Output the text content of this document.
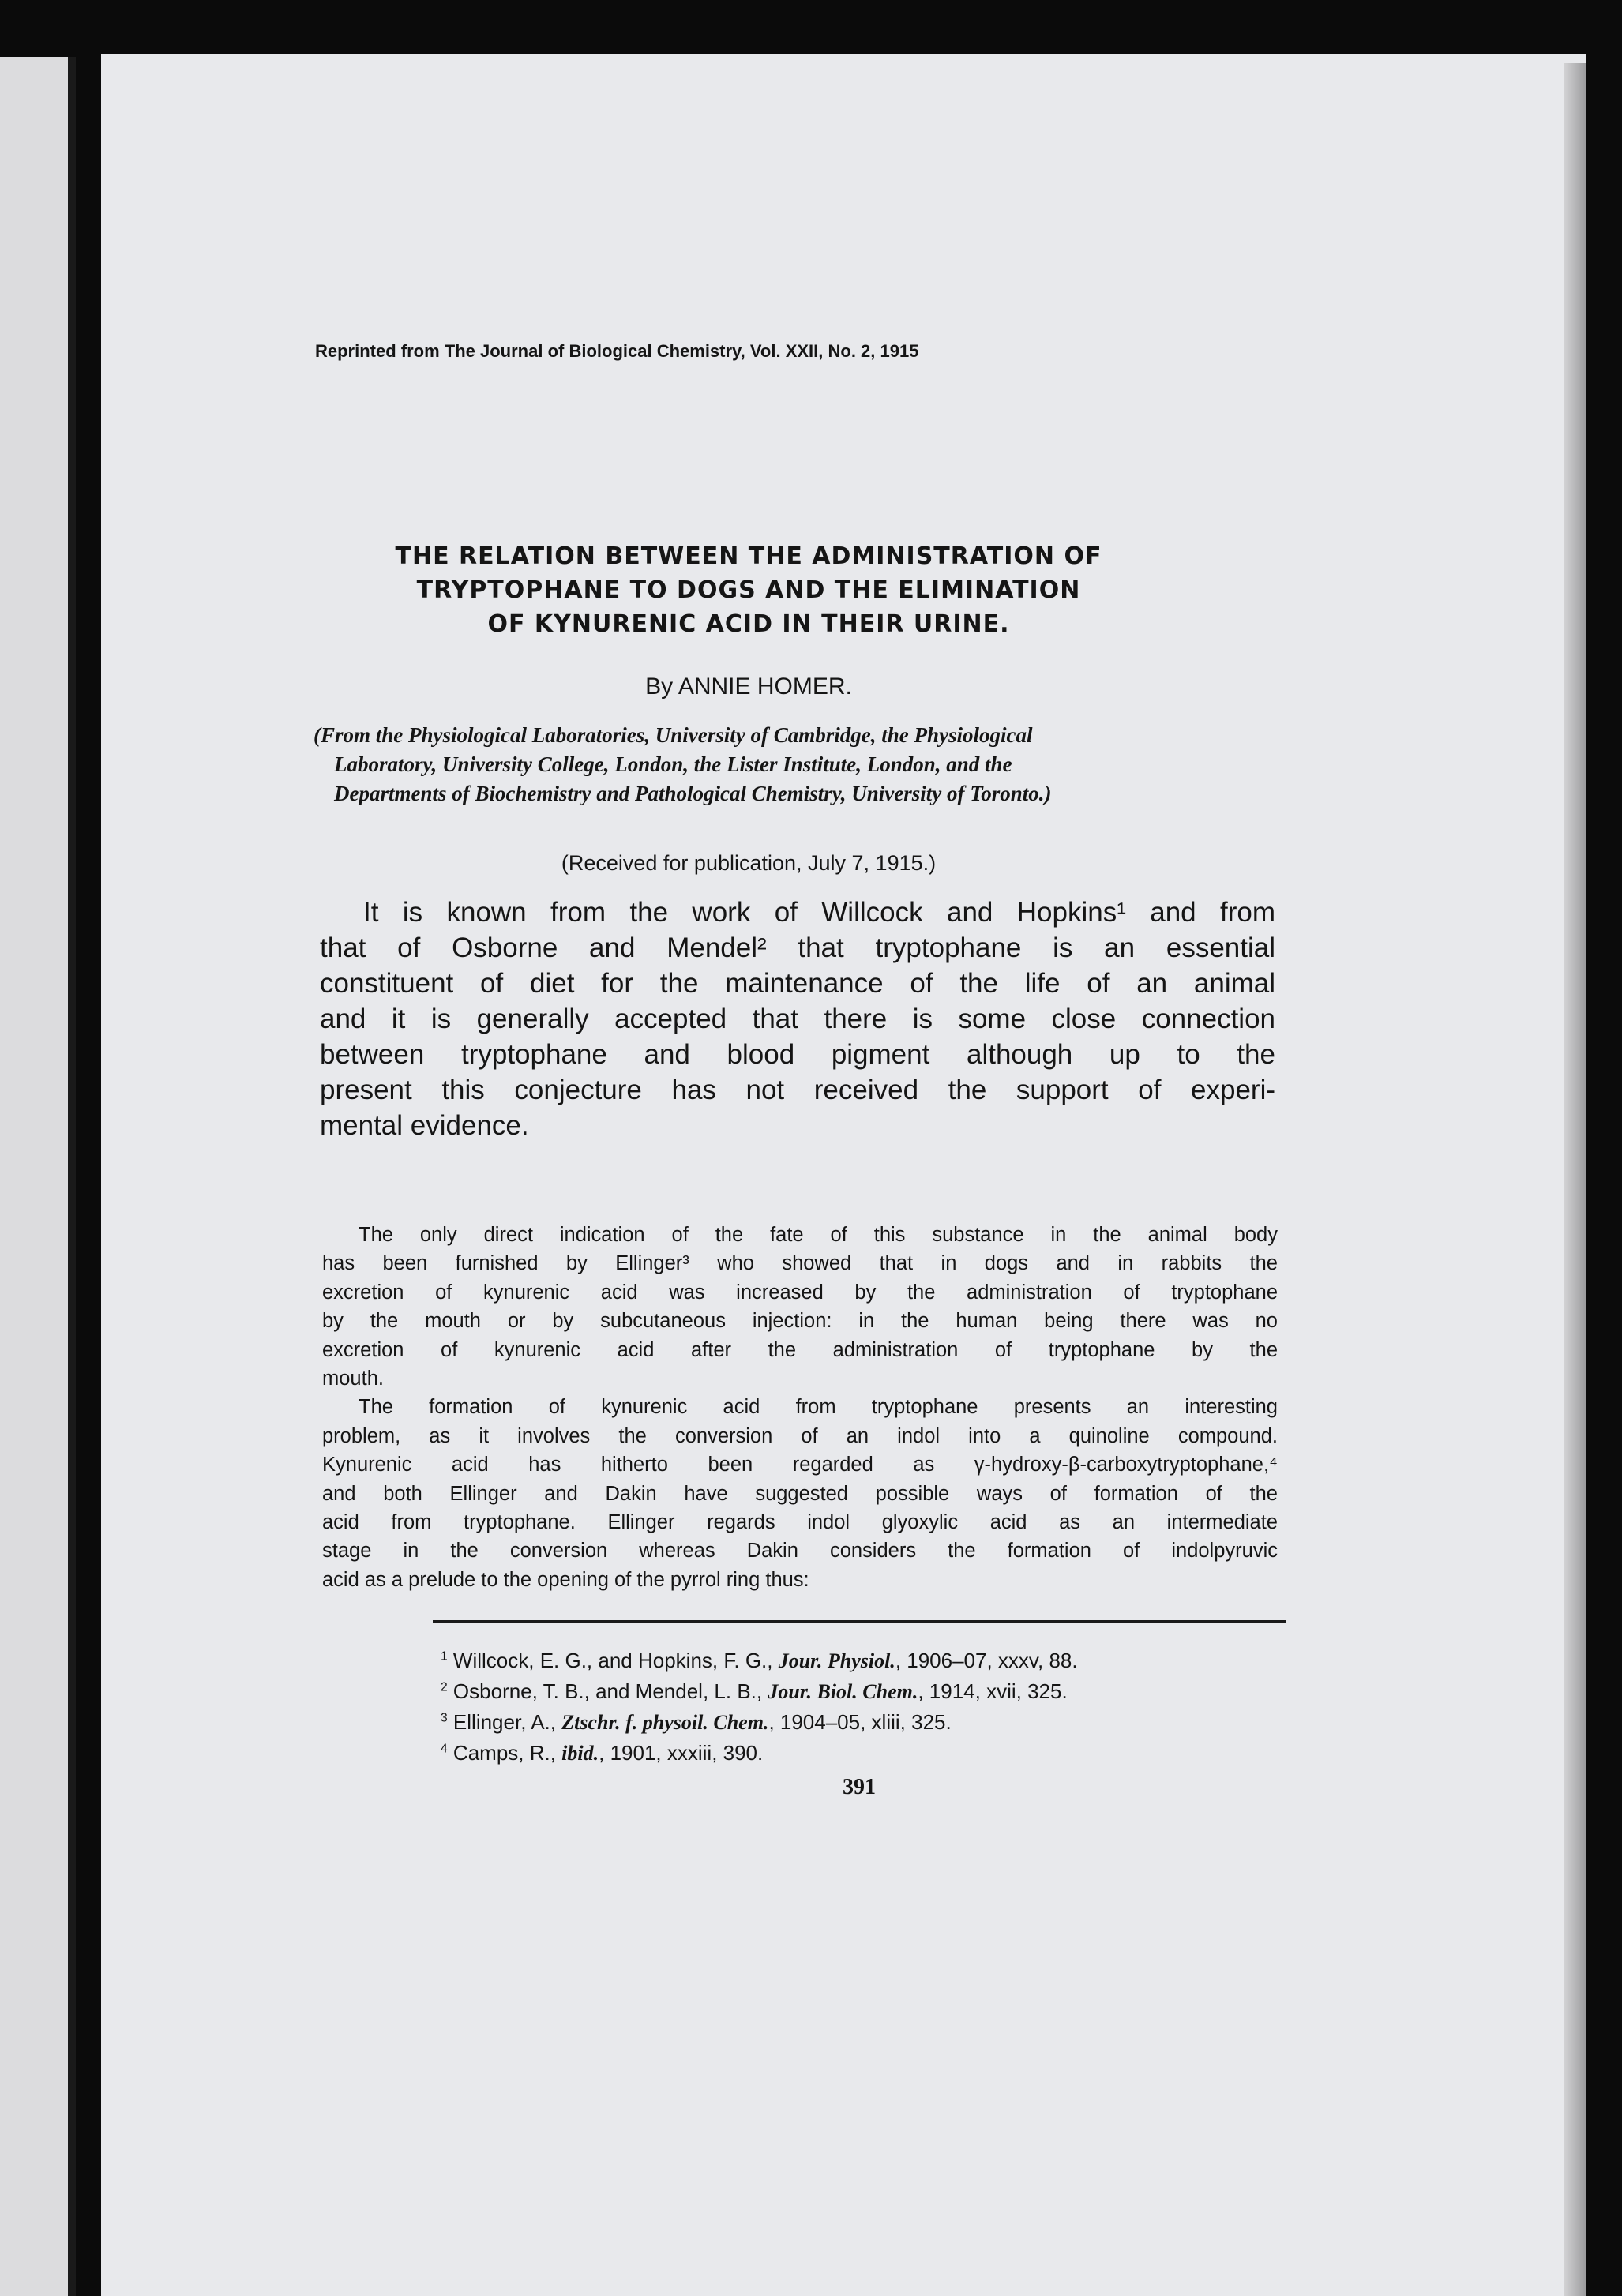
Reprinted from The Journal of Biological Chemistry, Vol. XXII, No. 2, 1915
THE RELATION BETWEEN THE ADMINISTRATION OF
TRYPTOPHANE TO DOGS AND THE ELIMINATION
OF KYNURENIC ACID IN THEIR URINE.
By ANNIE HOMER.
(From the Physiological Laboratories, University of Cambridge, the Physiological
Laboratory, University College, London, the Lister Institute, London, and the
Departments of Biochemistry and Pathological Chemistry, University of Toronto.)
(Received for publication, July 7, 1915.)
It is known from the work of Willcock and Hopkins¹ and from
that of Osborne and Mendel² that tryptophane is an essential
constituent of diet for the maintenance of the life of an animal
and it is generally accepted that there is some close connection
between tryptophane and blood pigment although up to the
present this conjecture has not received the support of experi-
mental evidence.
The only direct indication of the fate of this substance in the animal body
has been furnished by Ellinger³ who showed that in dogs and in rabbits the
excretion of kynurenic acid was increased by the administration of tryptophane
by the mouth or by subcutaneous injection: in the human being there was no
excretion of kynurenic acid after the administration of tryptophane by the
mouth.
The formation of kynurenic acid from tryptophane presents an interesting
problem, as it involves the conversion of an indol into a quinoline compound.
Kynurenic acid has hitherto been regarded as γ-hydroxy-β-carboxytryptophane,⁴
and both Ellinger and Dakin have suggested possible ways of formation of the
acid from tryptophane. Ellinger regards indol glyoxylic acid as an intermediate
stage in the conversion whereas Dakin considers the formation of indolpyruvic
acid as a prelude to the opening of the pyrrol ring thus:
$^1$ Willcock, E. G., and Hopkins, F. G., Jour. Physiol., 1906–07, xxxv, 88.
$^2$ Osborne, T. B., and Mendel, L. B., Jour. Biol. Chem., 1914, xvii, 325.
$^3$ Ellinger, A., Ztschr. f. physoil. Chem., 1904–05, xliii, 325.
$^4$ Camps, R., ibid., 1901, xxxiii, 390.
391
